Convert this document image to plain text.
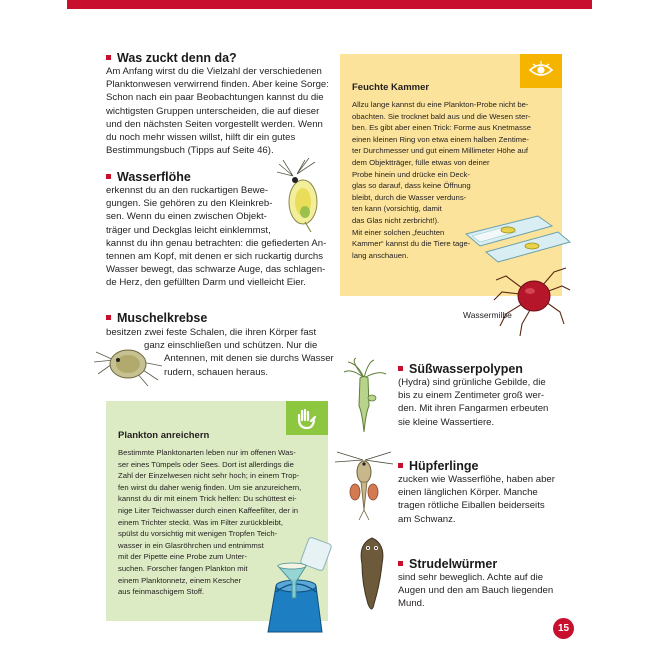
Was zuckt denn da?

Am Anfang wirst du die Vielzahl der verschiedenen

Planktonwesen verwirrend finden. Aber keine Sorge:

Schon nach ein paar Beobachtungen kannst du die

wichtigsten Gruppen unterscheiden, die auf dieser

und den nächsten Seiten vorgestellt werden. Wenn

du noch mehr wissen willst, hilft dir ein gutes

Bestimmungsbuch (Tipps auf Seite 46).

Wasserflöhe

erkennst du an den ruckartigen Bewe-

gungen. Sie gehören zu den Kleinkreb-

sen. Wenn du einen zwischen Objekt-

träger und Deckglas leicht einklemmst,

kannst du ihn genau betrachten: die gefiederten An-

tennen am Kopf, mit denen er sich ruckartig durchs

Wasser bewegt, das schwarze Auge, das schlagen-

de Herz, den gefüllten Darm und vielleicht Eier.

Muschelkrebse

besitzen zwei feste Schalen, die ihren Körper fast

ganz einschließen und schützen. Nur die

Antennen, mit denen sie durchs Wasser

rudern, schauen heraus.

Feuchte Kammer
Allzu lange kannst du eine Plankton-Probe nicht be-
obachten. Sie trocknet bald aus und die Wesen ster-
ben. Es gibt aber einen Trick: Forme aus Knetmasse
einen kleinen Ring von etwa einem halben Zentime-
ter Durchmesser und gut einem Millimeter Höhe auf
dem Objektträger, fülle etwas von deiner
Probe hinein und drücke ein Deck-
glas so darauf, dass keine Öffnung
bleibt, durch die Wasser verduns-
ten kann (vorsichtig, damit
das Glas nicht zerbricht!).
Mit einer solchen „feuchten
Kammer“ kannst du die Tiere tage-
lang anschauen.
Wassermilbe
Süßwasserpolypen

(Hydra) sind grünliche Gebilde, die

bis zu einem Zentimeter groß wer-

den. Mit ihren Fangarmen erbeuten

sie kleine Wassertiere.

Hüpferlinge

zucken wie Wasserflöhe, haben aber

einen länglichen Körper. Manche

tragen rötliche Eiballen beiderseits

am Schwanz.

Strudelwürmer

sind sehr beweglich. Achte auf die

Augen und den am Bauch liegenden

Mund.

Plankton anreichern
Bestimmte Planktonarten leben nur im offenen Was-
ser eines Tümpels oder Sees. Dort ist allerdings die
Zahl der Einzelwesen nicht sehr hoch; in einem Trop-
fen wirst du daher wenig finden. Um sie anzureichern,
kannst du dir mit einem Trick helfen: Du schüttest ei-
nige Liter Teichwasser durch einen Kaffeefilter, der in
einem Trichter steckt. Was im Filter zurückbleibt,
spülst du vorsichtig mit wenigen Tropfen Teich-
wasser in ein Glasröhrchen und entnimmst
mit der Pipette eine Probe zum Unter-
suchen. Forscher fangen Plankton mit
einem Planktonnetz, einem Kescher
aus feinmaschigem Stoff.
15
